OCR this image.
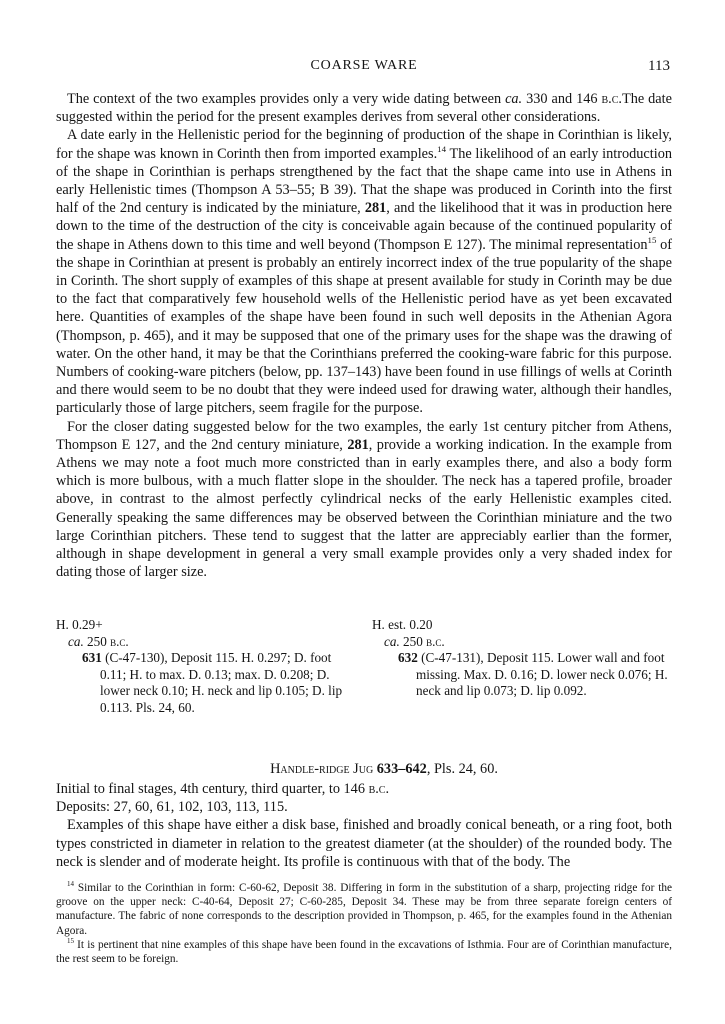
COARSE WARE	113

The context of the two examples provides only a very wide dating between ca. 330 and 146 b.c.The date suggested within the period for the present examples derives from several other considerations.

A date early in the Hellenistic period for the beginning of production of the shape in Corinthian is likely, for the shape was known in Corinth then from imported examples.$^{14}$ The likelihood of an early introduction of the shape in Corinthian is perhaps strengthened by the fact that the shape came into use in Athens in early Hellenistic times (Thompson A 53–55; B 39). That the shape was produced in Corinth into the first half of the 2nd century is indicated by the miniature, 281, and the likelihood that it was in production here down to the time of the destruction of the city is conceivable again because of the continued popularity of the shape in Athens down to this time and well beyond (Thompson E 127). The minimal representation$^{15}$ of the shape in Corinthian at present is probably an entirely incorrect index of the true popularity of the shape in Corinth. The short supply of examples of this shape at present available for study in Corinth may be due to the fact that comparatively few household wells of the Hellenistic period have as yet been excavated here. Quantities of examples of the shape have been found in such well deposits in the Athenian Agora (Thompson, p. 465), and it may be supposed that one of the primary uses for the shape was the drawing of water. On the other hand, it may be that the Corinthians preferred the cooking-ware fabric for this purpose. Numbers of cooking-ware pitchers (below, pp. 137–143) have been found in use fillings of wells at Corinth and there would seem to be no doubt that they were indeed used for drawing water, although their handles, particularly those of large pitchers, seem fragile for the purpose.

For the closer dating suggested below for the two examples, the early 1st century pitcher from Athens, Thompson E 127, and the 2nd century miniature, 281, provide a working indication. In the example from Athens we may note a foot much more constricted than in early examples there, and also a body form which is more bulbous, with a much flatter slope in the shoulder. The neck has a tapered profile, broader above, in contrast to the almost perfectly cylindrical necks of the early Hellenistic examples cited. Generally speaking the same differences may be observed between the Corinthian miniature and the two large Corinthian pitchers. These tend to suggest that the latter are appreciably earlier than the former, although in shape development in general a very small example provides only a very shaded index for dating those of larger size.

H. 0.29+

ca. 250 b.c.

631 (C-47-130), Deposit 115. H. 0.297; D. foot 0.11; H. to max. D. 0.13; max. D. 0.208; D. lower neck 0.10; H. neck and lip 0.105; D. lip 0.113. Pls. 24, 60.

H. est. 0.20

ca. 250 b.c.

632 (C-47-131), Deposit 115. Lower wall and foot missing. Max. D. 0.16; D. lower neck 0.076; H. neck and lip 0.073; D. lip 0.092.

Handle-ridge Jug 633–642, Pls. 24, 60.

Initial to final stages, 4th century, third quarter, to 146 b.c.

Deposits: 27, 60, 61, 102, 103, 113, 115.

Examples of this shape have either a disk base, finished and broadly conical beneath, or a ring foot, both types constricted in diameter in relation to the greatest diameter (at the shoulder) of the rounded body. The neck is slender and of moderate height. Its profile is continuous with that of the body. The

$^{14}$ Similar to the Corinthian in form: C-60-62, Deposit 38. Differing in form in the substitution of a sharp, projecting ridge for the groove on the upper neck: C-40-64, Deposit 27; C-60-285, Deposit 34. These may be from three separate foreign centers of manufacture. The fabric of none corresponds to the description provided in Thompson, p. 465, for the examples found in the Athenian Agora.

$^{15}$ It is pertinent that nine examples of this shape have been found in the excavations of Isthmia. Four are of Corinthian manufacture, the rest seem to be foreign.
